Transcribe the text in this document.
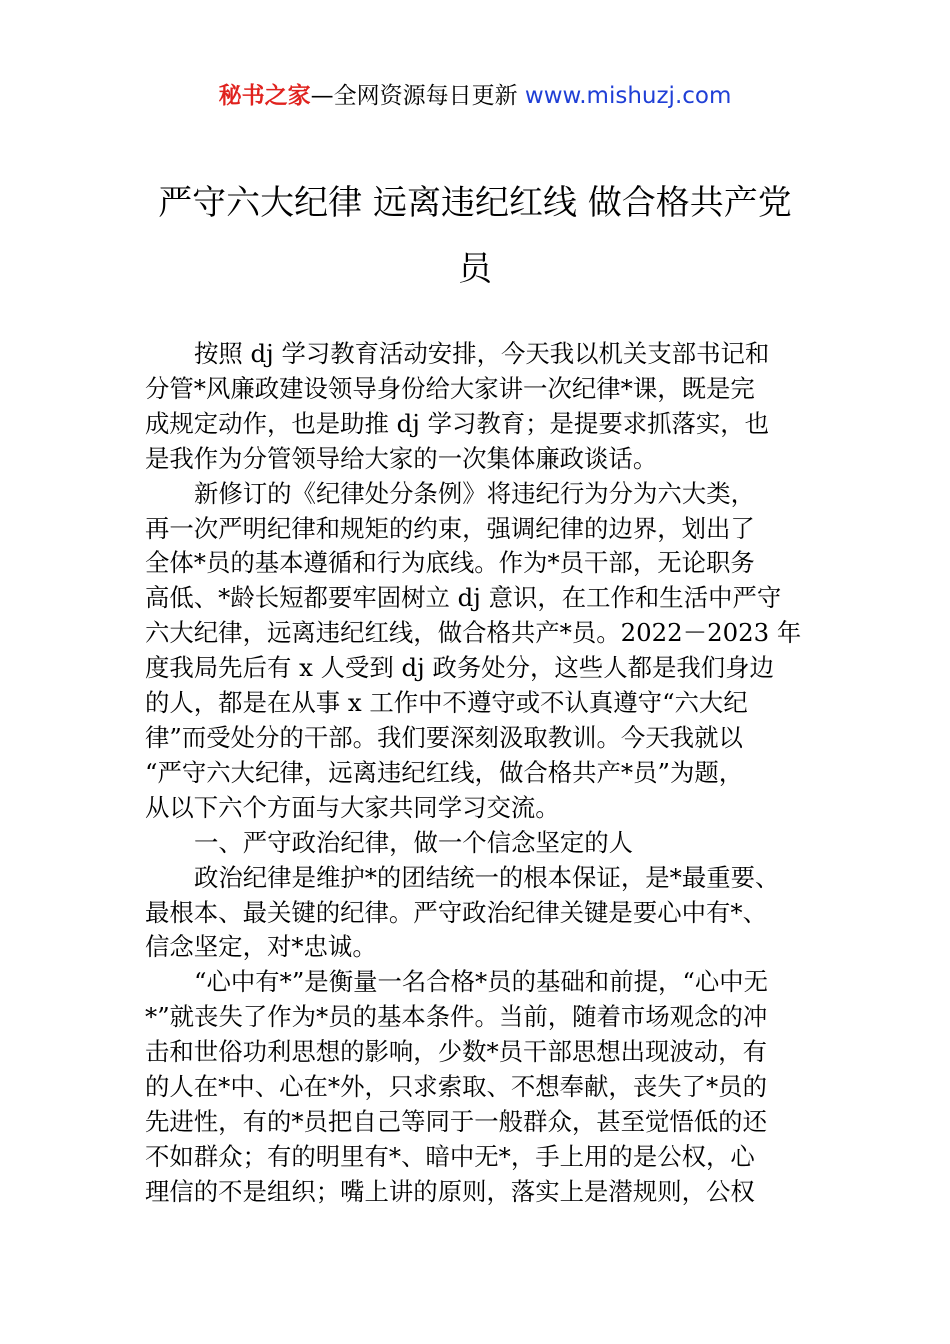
秘书之家—全网资源每日更新 www.mishuzj.com
严守六大纪律 远离违纪红线 做合格共产党
员

按照 dj 学习教育活动安排，今天我以机关支部书记和
分管*风廉政建设领导身份给大家讲一次纪律*课，既是完
成规定动作，也是助推 dj 学习教育；是提要求抓落实，也
是我作为分管领导给大家的一次集体廉政谈话。

新修订的《纪律处分条例》将违纪行为分为六大类，
再一次严明纪律和规矩的约束，强调纪律的边界，划出了
全体*员的基本遵循和行为底线。作为*员干部，无论职务
高低、*龄长短都要牢固树立 dj 意识，在工作和生活中严守
六大纪律，远离违纪红线，做合格共产*员。2022－2023 年
度我局先后有 x 人受到 dj 政务处分，这些人都是我们身边
的人，都是在从事 x 工作中不遵守或不认真遵守“六大纪
律”而受处分的干部。我们要深刻汲取教训。今天我就以
“严守六大纪律，远离违纪红线，做合格共产*员”为题，
从以下六个方面与大家共同学习交流。

一、严守政治纪律，做一个信念坚定的人

政治纪律是维护*的团结统一的根本保证，是*最重要、
最根本、最关键的纪律。严守政治纪律关键是要心中有*、
信念坚定，对*忠诚。

“心中有*”是衡量一名合格*员的基础和前提，“心中无
*”就丧失了作为*员的基本条件。当前，随着市场观念的冲
击和世俗功利思想的影响，少数*员干部思想出现波动，有
的人在*中、心在*外，只求索取、不想奉献，丧失了*员的
先进性，有的*员把自己等同于一般群众，甚至觉悟低的还
不如群众；有的明里有*、暗中无*，手上用的是公权，心
理信的不是组织；嘴上讲的原则，落实上是潜规则，公权
